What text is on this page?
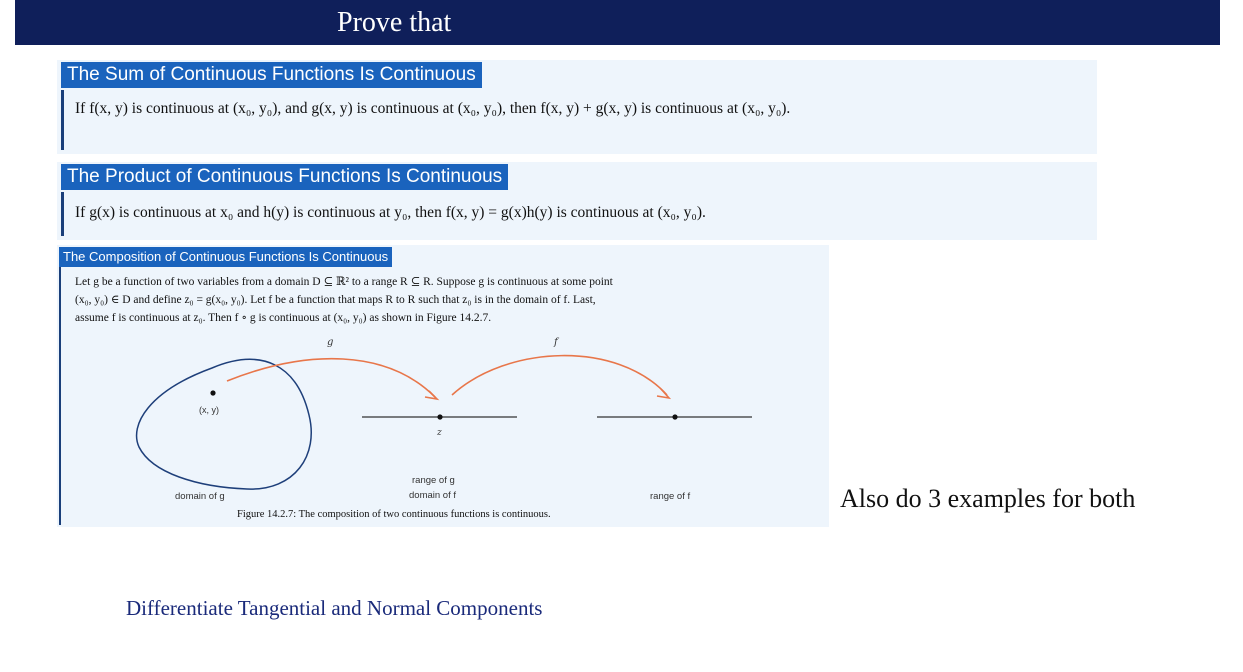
Prove that
The Sum of Continuous Functions Is Continuous
If f(x, y) is continuous at (x₀, y₀), and g(x, y) is continuous at (x₀, y₀), then f(x, y) + g(x, y) is continuous at (x₀, y₀).
The Product of Continuous Functions Is Continuous
If g(x) is continuous at x₀ and h(y) is continuous at y₀, then f(x, y) = g(x)h(y) is continuous at (x₀, y₀).
The Composition of Continuous Functions Is Continuous
Let g be a function of two variables from a domain D ⊆ ℝ² to a range R ⊆ R. Suppose g is continuous at some point
(x₀, y₀) ∈ D and define z₀ = g(x₀, y₀). Let f be a function that maps R to R such that z₀ is in the domain of f. Last,
assume f is continuous at z₀. Then f ∘ g is continuous at (x₀, y₀) as shown in Figure 14.2.7.
(x, y)
g
z
f
domain of g
range of g
domain of f	range of f
Figure 14.2.7: The composition of two continuous functions is continuous.
Also do 3 examples for both
Differentiate Tangential and Normal Components
